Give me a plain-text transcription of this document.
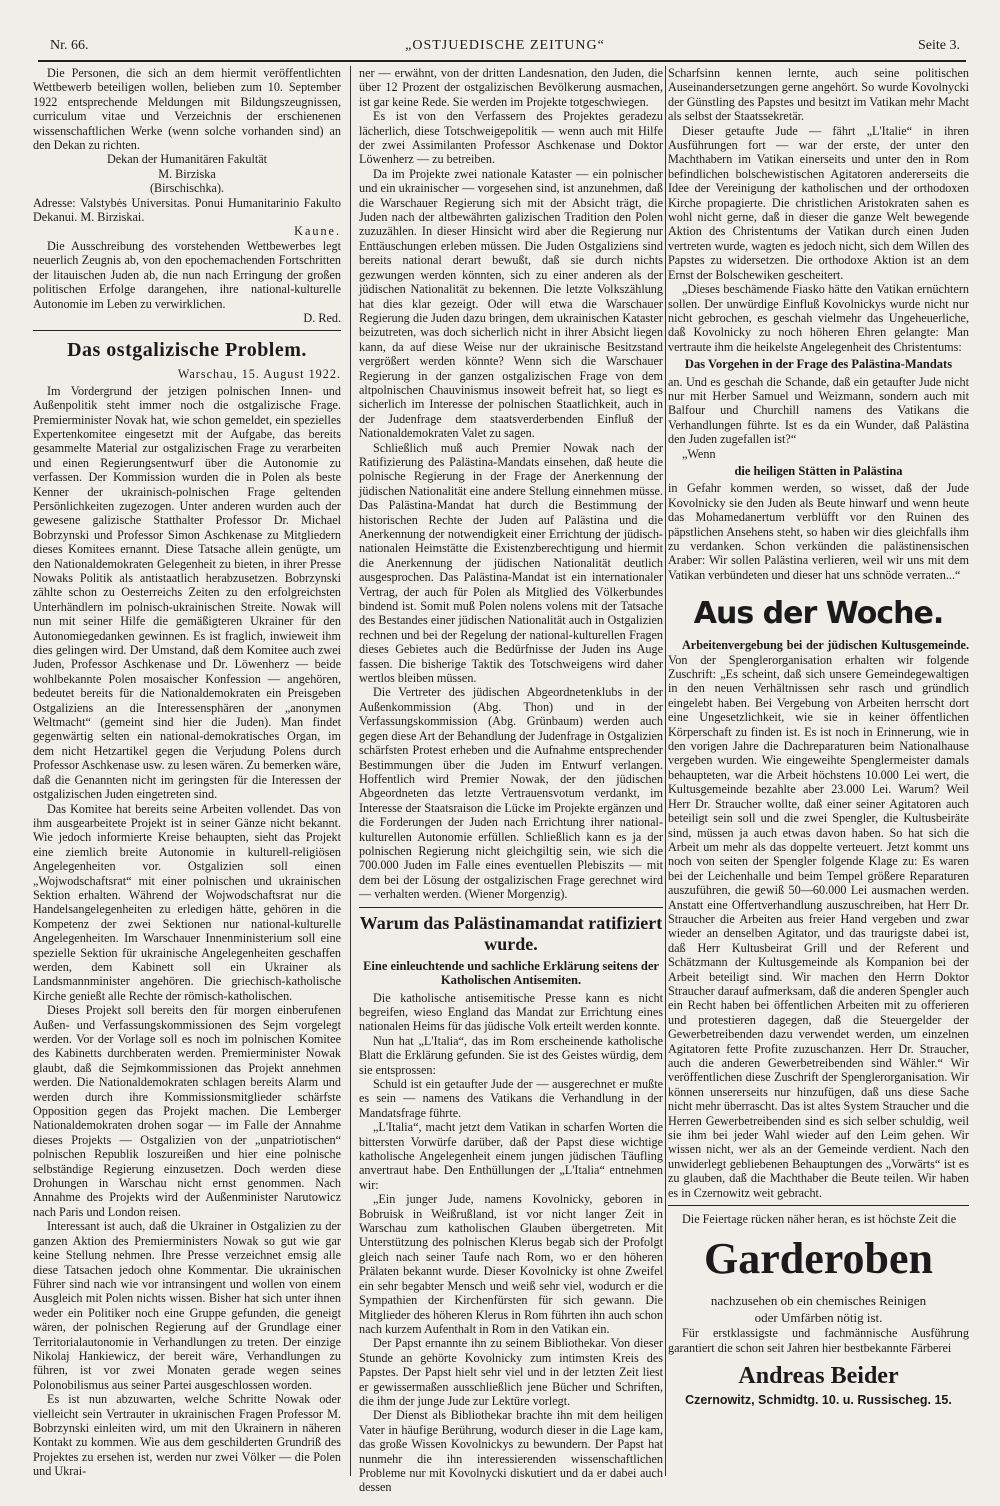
Nr. 66.	„OSTJUEDISCHE ZEITUNG“	Seite 3.

Die Personen, die sich an dem hiermit veröffentlichten Wettbewerb beteiligen wollen, belieben zum 10. September 1922 entsprechende Meldungen mit Bildungszeugnissen, curriculum vitae und Verzeichnis der erschienenen wissenschaftlichen Werke (wenn solche vorhanden sind) an den Dekan zu richten.

Dekan der Humanitären Fakultät

M. Birziska

(Birschischka).

Adresse: Valstybės Universitas. Ponui Humanitarinio Fakulto Dekanui. M. Birziskai.

Kaune.

Die Ausschreibung des vorstehenden Wettbewerbes legt neuerlich Zeugnis ab, von den epochemachenden Fortschritten der litauischen Juden ab, die nun nach Erringung der großen politischen Erfolge darangehen, ihre national-kulturelle Autonomie im Leben zu verwirklichen.

D. Red.

Das ostgalizische Problem.
Warschau, 15. August 1922.

Im Vordergrund der jetzigen polnischen Innen- und Außenpolitik steht immer noch die ostgalizische Frage. Premierminister Novak hat, wie schon gemeldet, ein spezielles Expertenkomitee eingesetzt mit der Aufgabe, das bereits gesammelte Material zur ostgalizischen Frage zu verarbeiten und einen Regierungsentwurf über die Autonomie zu verfassen. Der Kommission wurden die in Polen als beste Kenner der ukrainisch-polnischen Frage geltenden Persönlichkeiten zugezogen. Unter anderen wurden auch der gewesene galizische Statthalter Professor Dr. Michael Bobrzynski und Professor Simon Aschkenase zu Mitgliedern dieses Komitees ernannt. Diese Tatsache allein genügte, um den Nationaldemokraten Gelegenheit zu bieten, in ihrer Presse Nowaks Politik als antistaatlich herabzusetzen. Bobrzynski zählte schon zu Oesterreichs Zeiten zu den erfolgreichsten Unterhändlern im polnisch-ukrainischen Streite. Nowak will nun mit seiner Hilfe die gemäßigteren Ukrainer für den Autonomiegedanken gewinnen. Es ist fraglich, inwieweit ihm dies gelingen wird. Der Umstand, daß dem Komitee auch zwei Juden, Professor Aschkenase und Dr. Löwenherz — beide wohlbekannte Polen mosaischer Konfession — angehören, bedeutet bereits für die Nationaldemokraten ein Preisgeben Ostgaliziens an die Interessensphären der „anonymen Weltmacht“ (gemeint sind hier die Juden). Man findet gegenwärtig selten ein national-demokratisches Organ, im dem nicht Hetzartikel gegen die Verjudung Polens durch Professor Aschkenase usw. zu lesen wären. Zu bemerken wäre, daß die Genannten nicht im geringsten für die Interessen der ostgalizischen Juden eingetreten sind.

Das Komitee hat bereits seine Arbeiten vollendet. Das von ihm ausgearbeitete Projekt ist in seiner Gänze nicht bekannt. Wie jedoch informierte Kreise behaupten, sieht das Projekt eine ziemlich breite Autonomie in kulturell-religiösen Angelegenheiten vor. Ostgalizien soll einen „Wojwodschaftsrat“ mit einer polnischen und ukrainischen Sektion erhalten. Während der Wojwodschaftsrat nur die Handelsangelegenheiten zu erledigen hätte, gehören in die Kompetenz der zwei Sektionen nur national-kulturelle Angelegenheiten. Im Warschauer Innenministerium soll eine spezielle Sektion für ukrainische Angelegenheiten geschaffen werden, dem Kabinett soll ein Ukrainer als Landsmannminister angehören. Die griechisch-katholische Kirche genießt alle Rechte der römisch-katholischen.

Dieses Projekt soll bereits den für morgen einberufenen Außen- und Verfassungskommissionen des Sejm vorgelegt werden. Vor der Vorlage soll es noch im polnischen Komitee des Kabinetts durchberaten werden. Premierminister Nowak glaubt, daß die Sejmkommissionen das Projekt annehmen werden. Die Nationaldemokraten schlagen bereits Alarm und werden durch ihre Kommissionsmitglieder schärfste Opposition gegen das Projekt machen. Die Lemberger Nationaldemokraten drohen sogar — im Falle der Annahme dieses Projekts — Ostgalizien von der „unpatriotischen“ polnischen Republik loszureißen und hier eine polnische selbständige Regierung einzusetzen. Doch werden diese Drohungen in Warschau nicht ernst genommen. Nach Annahme des Projekts wird der Außenminister Narutowicz nach Paris und London reisen.

Interessant ist auch, daß die Ukrainer in Ostgalizien zu der ganzen Aktion des Premierministers Nowak so gut wie gar keine Stellung nehmen. Ihre Presse verzeichnet emsig alle diese Tatsachen jedoch ohne Kommentar. Die ukrainischen Führer sind nach wie vor intransingent und wollen von einem Ausgleich mit Polen nichts wissen. Bisher hat sich unter ihnen weder ein Politiker noch eine Gruppe gefunden, die geneigt wären, der polnischen Regierung auf der Grundlage einer Territorialautonomie in Verhandlungen zu treten. Der einzige Nikolaj Hankiewicz, der bereit wäre, Verhandlungen zu führen, ist vor zwei Monaten gerade wegen seines Polonobilismus aus seiner Partei ausgeschlossen worden.

Es ist nun abzuwarten, welche Schritte Nowak oder vielleicht sein Vertrauter in ukrainischen Fragen Professor M. Bobrzynski einleiten wird, um mit den Ukrainern in näheren Kontakt zu kommen. Wie aus dem geschilderten Grundriß des Projektes zu ersehen ist, werden nur zwei Völker — die Polen und Ukrai-

ner — erwähnt, von der dritten Landesnation, den Juden, die über 12 Prozent der ostgalizischen Bevölkerung ausmachen, ist gar keine Rede. Sie werden im Projekte totgeschwiegen.

Es ist von den Verfassern des Projektes geradezu lächerlich, diese Totschweigepolitik — wenn auch mit Hilfe der zwei Assimilanten Professor Aschkenase und Doktor Löwenherz — zu betreiben.

Da im Projekte zwei nationale Kataster — ein polnischer und ein ukrainischer — vorgesehen sind, ist anzunehmen, daß die Warschauer Regierung sich mit der Absicht trägt, die Juden nach der altbewährten galizischen Tradition den Polen zuzuzählen. In dieser Hinsicht wird aber die Regierung nur Enttäuschungen erleben müssen. Die Juden Ostgaliziens sind bereits national derart bewußt, daß sie durch nichts gezwungen werden könnten, sich zu einer anderen als der jüdischen Nationalität zu bekennen. Die letzte Volkszählung hat dies klar gezeigt. Oder will etwa die Warschauer Regierung die Juden dazu bringen, dem ukrainischen Kataster beizutreten, was doch sicherlich nicht in ihrer Absicht liegen kann, da auf diese Weise nur der ukrainische Besitzstand vergrößert werden könnte? Wenn sich die Warschauer Regierung in der ganzen ostgalizischen Frage von dem altpolnischen Chauvinismus insoweit befreit hat, so liegt es sicherlich im Interesse der polnischen Staatlichkeit, auch in der Judenfrage dem staatsverderbenden Einfluß der Nationaldemokraten Valet zu sagen.

Schließlich muß auch Premier Nowak nach der Ratifizierung des Palästina-Mandats einsehen, daß heute die polnische Regierung in der Frage der Anerkennung der jüdischen Nationalität eine andere Stellung einnehmen müsse. Das Palästina-Mandat hat durch die Bestimmung der historischen Rechte der Juden auf Palästina und die Anerkennung der notwendigkeit einer Errichtung der jüdisch-nationalen Heimstätte die Existenzberechtigung und hiermit die Anerkennung der jüdischen Nationalität deutlich ausgesprochen. Das Palästina-Mandat ist ein internationaler Vertrag, der auch für Polen als Mitglied des Völkerbundes bindend ist. Somit muß Polen nolens volens mit der Tatsache des Bestandes einer jüdischen Nationalität auch in Ostgalizien rechnen und bei der Regelung der national-kulturellen Fragen dieses Gebietes auch die Bedürfnisse der Juden ins Auge fassen. Die bisherige Taktik des Totschweigens wird daher wertlos bleiben müssen.

Die Vertreter des jüdischen Abgeordnetenklubs in der Außenkommission (Abg. Thon) und in der Verfassungskommission (Abg. Grünbaum) werden auch gegen diese Art der Behandlung der Judenfrage in Ostgalizien schärfsten Protest erheben und die Aufnahme entsprechender Bestimmungen über die Juden im Entwurf verlangen. Hoffentlich wird Premier Nowak, der den jüdischen Abgeordneten das letzte Vertrauensvotum verdankt, im Interesse der Staatsraison die Lücke im Projekte ergänzen und die Forderungen der Juden nach Errichtung ihrer national-kulturellen Autonomie erfüllen. Schließlich kann es ja der polnischen Regierung nicht gleichgiltig sein, wie sich die 700.000 Juden im Falle eines eventuellen Plebiszits — mit dem bei der Lösung der ostgalizischen Frage gerechnet wird — verhalten werden. (Wiener Morgenzig).

Warum das Palästinamandat ratifiziert wurde.
Eine einleuchtende und sachliche Erklärung seitens der Katholischen Antisemiten.

Die katholische antisemitische Presse kann es nicht begreifen, wieso England das Mandat zur Errichtung eines nationalen Heims für das jüdische Volk erteilt werden konnte.

Nun hat „L'Italia“, das im Rom erscheinende katholische Blatt die Erklärung gefunden. Sie ist des Geistes würdig, dem sie entsprossen:

Schuld ist ein getaufter Jude der — ausgerechnet er mußte es sein — namens des Vatikans die Verhandlung in der Mandatsfrage führte.

„L'Italia“, macht jetzt dem Vatikan in scharfen Worten die bittersten Vorwürfe darüber, daß der Papst diese wichtige katholische Angelegenheit einem jungen jüdischen Täufling anvertraut habe. Den Enthüllungen der „L'Italia“ entnehmen wir:

„Ein junger Jude, namens Kovolnicky, geboren in Bobruisk in Weißrußland, ist vor nicht langer Zeit in Warschau zum katholischen Glauben übergetreten. Mit Unterstützung des polnischen Klerus begab sich der Profolgt gleich nach seiner Taufe nach Rom, wo er den höheren Prälaten bekannt wurde. Dieser Kovolnicky ist ohne Zweifel ein sehr begabter Mensch und weiß sehr viel, wodurch er die Sympathien der Kirchenfürsten für sich gewann. Die Mitglieder des höheren Klerus in Rom führten ihn auch schon nach kurzem Aufenthalt in Rom in den Vatikan ein.

Der Papst ernannte ihn zu seinem Bibliothekar. Von dieser Stunde an gehörte Kovolnicky zum intimsten Kreis des Papstes. Der Papst hielt sehr viel und in der letzten Zeit liest er gewissermaßen ausschließlich jene Bücher und Schriften, die ihm der junge Jude zur Lektüre vorlegt.

Der Dienst als Bibliothekar brachte ihn mit dem heiligen Vater in häufige Berührung, wodurch dieser in die Lage kam, das große Wissen Kovolnickys zu bewundern. Der Papst hat nunmehr die ihn interessierenden wissenschaftlichen Probleme nur mit Kovolnycki diskutiert und da er dabei auch dessen

Scharfsinn kennen lernte, auch seine politischen Auseinandersetzungen gerne angehört. So wurde Kovolnycki der Günstling des Papstes und besitzt im Vatikan mehr Macht als selbst der Staatssekretär.

Dieser getaufte Jude — fährt „L'Italie“ in ihren Ausführungen fort — war der erste, der unter den Machthabern im Vatikan einerseits und unter den in Rom befindlichen bolschewistischen Agitatoren andererseits die Idee der Vereinigung der katholischen und der orthodoxen Kirche propagierte. Die christlichen Aristokraten sahen es wohl nicht gerne, daß in dieser die ganze Welt bewegende Aktion des Christentums der Vatikan durch einen Juden vertreten wurde, wagten es jedoch nicht, sich dem Willen des Papstes zu widersetzen. Die orthodoxe Aktion ist an dem Ernst der Bolschewiken gescheitert.

„Dieses beschämende Fiasko hätte den Vatikan ernüchtern sollen. Der unwürdige Einfluß Kovolnickys wurde nicht nur nicht gebrochen, es geschah vielmehr das Ungeheuerliche, daß Kovolnicky zu noch höheren Ehren gelangte: Man vertraute ihm die heikelste Angelegenheit des Christentums:

Das Vorgehen in der Frage des Palästina-Mandats

an. Und es geschah die Schande, daß ein getaufter Jude nicht nur mit Herber Samuel und Weizmann, sondern auch mit Balfour und Churchill namens des Vatikans die Verhandlungen führte. Ist es da ein Wunder, daß Palästina den Juden zugefallen ist?“

„Wenn

die heiligen Stätten in Palästina

in Gefahr kommen werden, so wisset, daß der Jude Kovolnicky sie den Juden als Beute hinwarf und wenn heute das Mohamedanertum verblüfft vor den Ruinen des päpstlichen Ansehens steht, so haben wir dies gleichfalls ihm zu verdanken. Schon verkünden die palästinensischen Araber: Wir sollen Palästina verlieren, weil wir uns mit dem Vatikan verbündeten und dieser hat uns schnöde verraten...“

Aus der Woche.

Arbeitenvergebung bei der jüdischen Kultusgemeinde. Von der Spenglerorganisation erhalten wir folgende Zuschrift: „Es scheint, daß sich unsere Gemeindegewaltigen in den neuen Verhältnissen sehr rasch und gründlich eingelebt haben. Bei Vergebung von Arbeiten herrscht dort eine Ungesetzlichkeit, wie sie in keiner öffentlichen Körperschaft zu finden ist. Es ist noch in Erinnerung, wie in den vorigen Jahre die Dachreparaturen beim Nationalhause vergeben wurden. Wie eingeweihte Spenglermeister damals behaupteten, war die Arbeit höchstens 10.000 Lei wert, die Kultusgemeinde bezahlte aber 23.000 Lei. Warum? Weil Herr Dr. Straucher wollte, daß einer seiner Agitatoren auch beteiligt sein soll und die zwei Spengler, die Kultusbeiräte sind, müssen ja auch etwas davon haben. So hat sich die Arbeit um mehr als das doppelte verteuert. Jetzt kommt uns noch von seiten der Spengler folgende Klage zu: Es waren bei der Leichenhalle und beim Tempel größere Reparaturen auszuführen, die gewiß 50—60.000 Lei ausmachen werden. Anstatt eine Offertverhandlung auszuschreiben, hat Herr Dr. Straucher die Arbeiten aus freier Hand vergeben und zwar wieder an denselben Agitator, und das traurigste dabei ist, daß Herr Kultusbeirat Grill und der Referent und Schätzmann der Kultusgemeinde als Kompanion bei der Arbeit beteiligt sind. Wir machen den Herrn Doktor Straucher darauf aufmerksam, daß die anderen Spengler auch ein Recht haben bei öffentlichen Arbeiten mit zu offerieren und protestieren dagegen, daß die Steuergelder der Gewerbetreibenden dazu verwendet werden, um einzelnen Agitatoren fette Profite zuzuschanzen. Herr Dr. Straucher, auch die anderen Gewerbetreibenden sind Wähler.“ Wir veröffentlichen diese Zuschrift der Spenglerorganisation. Wir können unsererseits nur hinzufügen, daß uns diese Sache nicht mehr überrascht. Das ist altes System Straucher und die Herren Gewerbetreibenden sind es sich selber schuldig, weil sie ihm bei jeder Wahl wieder auf den Leim gehen. Wir wissen nicht, wer als an der Gemeinde verdient. Nach den unwiderlegt gebliebenen Behauptungen des „Vorwärts“ ist es zu glauben, daß die Machthaber die Beute teilen. Wir haben es in Czernowitz weit gebracht.

Die Feiertage rücken näher heran, es ist höchste Zeit die

Garderoben
nachzusehen ob ein chemisches Reinigen
oder Umfärben nötig ist.

Für erstklassigste und fachmännische Ausführung garantiert die schon seit Jahren hier bestbekannte Färberei

Andreas Beider
Czernowitz, Schmidtg. 10. u. Russischeg. 15.
